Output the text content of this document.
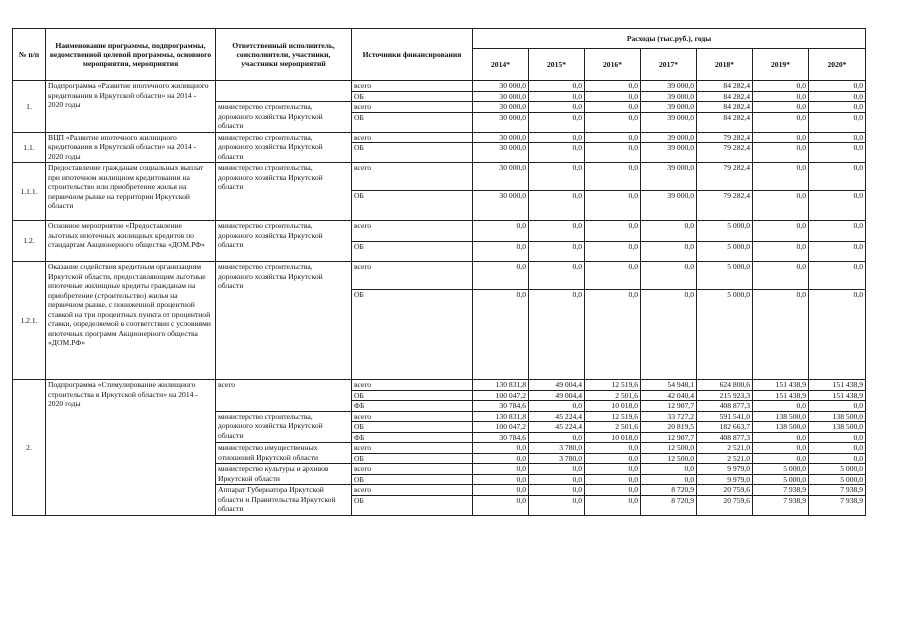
№ п/п	Наименование программы, подпрограммы, ведомственной целевой программы, основного мероприятия, мероприятия	Ответственный исполнитель, соисполнители, участники, участники мероприятий	Источники финансирования	Расходы (тыс.руб.), годы						
				2014*	2015*	2016*	2017*	2018*	2019*	2020*
1.	Подпрограмма «Развитие ипотечного жилищного кредитования в Иркутской области» на 2014 - 2020 годы		всего	30 000,0	0,0	0,0	39 000,0	84 282,4	0,0	0,0
			ОБ	30 000,0	0,0	0,0	39 000,0	84 282,4	0,0	0,0
		министерство строительства, дорожного хозяйства Иркутской области	всего	30 000,0	0,0	0,0	39 000,0	84 282,4	0,0	0,0
			ОБ	30 000,0	0,0	0,0	39 000,0	84 282,4	0,0	0,0
1.1.	ВЦП «Развитие ипотечного жилищного кредитования в Иркутской области» на 2014 - 2020 годы	министерство строительства, дорожного хозяйства Иркутской области	всего	30 000,0	0,0	0,0	39 000,0	79 282,4	0,0	0,0
			ОБ	30 000,0	0,0	0,0	39 000,0	79 282,4	0,0	0,0
1.1.1.	Предоставление гражданам социальных выплат при ипотечном жилищном кредитовании на строительство или приобретение жилья на первичном рынке на территории Иркутской области	министерство строительства, дорожного хозяйства Иркутской области	всего	30 000,0	0,0	0,0	39 000,0	79 282,4	0,0	0,0
			ОБ	30 000,0	0,0	0,0	39 000,0	79 282,4	0,0	0,0
1.2.	Основное мероприятие «Предоставление льготных ипотечных жилищных кредитов по стандартам Акционерного общества «ДОМ.РФ»	министерство строительства, дорожного хозяйства Иркутской области	всего	0,0	0,0	0,0	0,0	5 000,0	0,0	0,0
			ОБ	0,0	0,0	0,0	0,0	5 000,0	0,0	0,0
1.2.1.	Оказание содействия кредитным организациям Иркутской области, предоставляющим льготные ипотечные жилищные кредиты гражданам на приобретение (строительство) жилья на первичном рынке, с пониженной процентной ставкой на три процентных пункта от процентной ставки, определяемой в соответствии с условиями ипотечных программ Акционерного общества «ДОМ.РФ»	министерство строительства, дорожного хозяйства Иркутской области	всего	0,0	0,0	0,0	0,0	5 000,0	0,0	0,0
			ОБ	0,0	0,0	0,0	0,0	5 000,0	0,0	0,0
2.	Подпрограмма «Стимулирование жилищного строительства в Иркутской области» на 2014 - 2020 годы	всего	всего	130 831,8	49 004,4	12 519,6	54 948,1	624 800,6	151 438,9	151 438,9
			ОБ	100 047,2	49 004,4	2 501,6	42 040,4	215 923,3	151 438,9	151 438,9
			ФБ	30 784,6	0,0	10 018,0	12 907,7	408 877,3	0,0	0,0
		министерство строительства, дорожного хозяйства Иркутской области	всего	130 831,8	45 224,4	12 519,6	33 727,2	591 541,0	138 500,0	138 500,0
			ОБ	100 047,2	45 224,4	2 501,6	20 819,5	182 663,7	138 500,0	138 500,0
			ФБ	30 784,6	0,0	10 018,0	12 907,7	408 877,3	0,0	0,0
		министерство имущественных отношений Иркутской области	всего	0,0	3 780,0	0,0	12 500,0	2 521,0	0,0	0,0
			ОБ	0,0	3 780,0	0,0	12 500,0	2 521,0	0,0	0,0
		министерство культуры и архивов Иркутской области	всего	0,0	0,0	0,0	0,0	9 979,0	5 000,0	5 000,0
			ОБ	0,0	0,0	0,0	0,0	9 979,0	5 000,0	5 000,0
		Аппарат Губернатора Иркутской области и Правительства Иркутской области	всего	0,0	0,0	0,0	8 720,9	20 759,6	7 938,9	7 938,9
			ОБ	0,0	0,0	0,0	8 720,9	20 759,6	7 938,9	7 938,9
